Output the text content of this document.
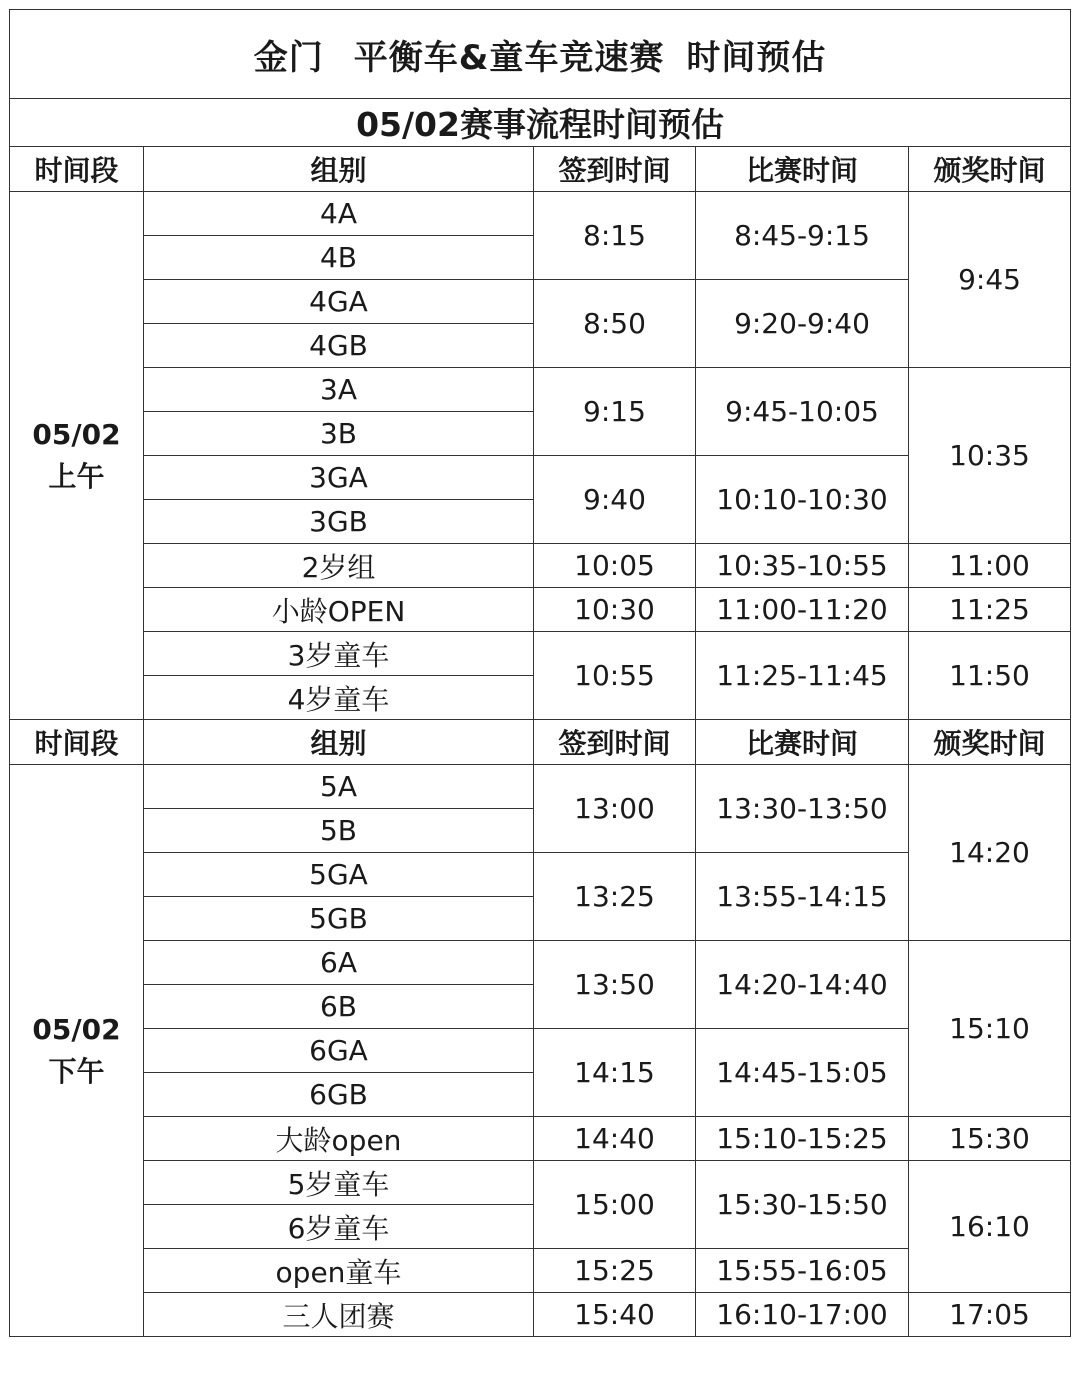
金门 平衡车&童车竞速赛 时间预估				
05/02赛事流程时间预估				
时间段	组别	签到时间	比赛时间	颁奖时间

05/02
上午	4A	8:15	8:45-9:15	9:45
	4B			
	4GA	8:50	9:20-9:40	
	4GB			
	3A	9:15	9:45-10:05	10:35
	3B			
	3GA	9:40	10:10-10:30	
	3GB			
	2岁组	10:05	10:35-10:55	11:00
	小龄OPEN	10:30	11:00-11:20	11:25
	3岁童车	10:55	11:25-11:45	11:50
	4岁童车			
时间段	组别	签到时间	比赛时间	颁奖时间

05/02
下午	5A	13:00	13:30-13:50	14:20
	5B			
	5GA	13:25	13:55-14:15	
	5GB			
	6A	13:50	14:20-14:40	15:10
	6B			
	6GA	14:15	14:45-15:05	
	6GB			
	大龄open	14:40	15:10-15:25	15:30
	5岁童车	15:00	15:30-15:50	16:10
	6岁童车			
	open童车	15:25	15:55-16:05	
	三人团赛	15:40	16:10-17:00	17:05
